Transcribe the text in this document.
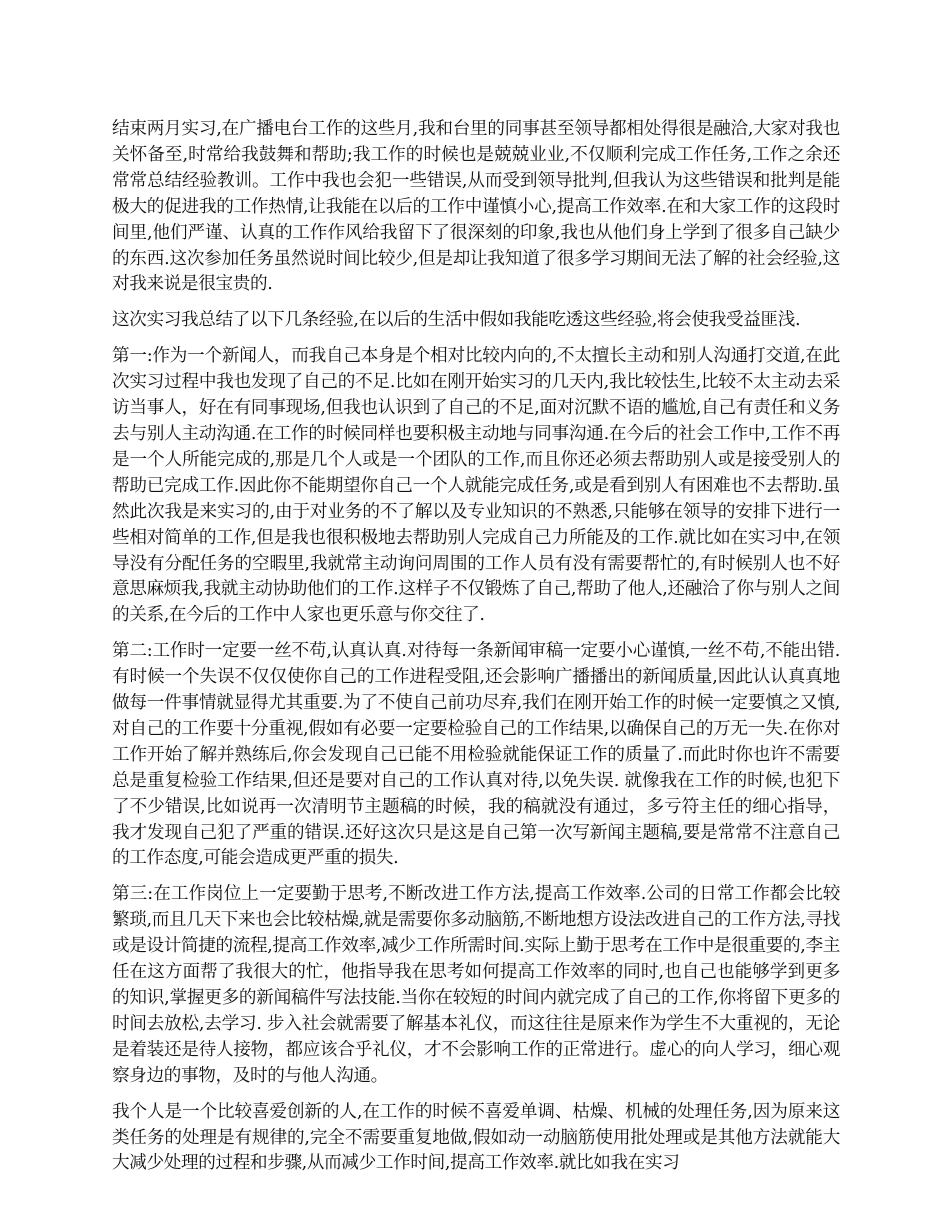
结束两月实习,在广播电台工作的这些月,我和台里的同事甚至领导都相处得很是融洽,大家对我也关怀备至,时常给我鼓舞和帮助;我工作的时候也是兢兢业业,不仅顺利完成工作任务,工作之余还常常总结经验教训。工作中我也会犯一些错误,从而受到领导批判,但我认为这些错误和批判是能极大的促进我的工作热情,让我能在以后的工作中谨慎小心,提高工作效率.在和大家工作的这段时间里,他们严谨、认真的工作作风给我留下了很深刻的印象,我也从他们身上学到了很多自己缺少的东西.这次参加任务虽然说时间比较少,但是却让我知道了很多学习期间无法了解的社会经验,这对我来说是很宝贵的.

这次实习我总结了以下几条经验,在以后的生活中假如我能吃透这些经验,将会使我受益匪浅.

第一:作为一个新闻人，而我自己本身是个相对比较内向的,不太擅长主动和别人沟通打交道,在此次实习过程中我也发现了自己的不足.比如在刚开始实习的几天内,我比较怯生,比较不太主动去采访当事人，好在有同事现场,但我也认识到了自己的不足,面对沉默不语的尴尬,自己有责任和义务去与别人主动沟通.在工作的时候同样也要积极主动地与同事沟通.在今后的社会工作中,工作不再是一个人所能完成的,那是几个人或是一个团队的工作,而且你还必须去帮助别人或是接受别人的帮助已完成工作.因此你不能期望你自己一个人就能完成任务,或是看到别人有困难也不去帮助.虽然此次我是来实习的,由于对业务的不了解以及专业知识的不熟悉,只能够在领导的安排下进行一些相对简单的工作,但是我也很积极地去帮助别人完成自己力所能及的工作.就比如在实习中,在领导没有分配任务的空暇里,我就常主动询问周围的工作人员有没有需要帮忙的,有时候别人也不好意思麻烦我,我就主动协助他们的工作.这样子不仅锻炼了自己,帮助了他人,还融洽了你与别人之间的关系,在今后的工作中人家也更乐意与你交往了.

第二:工作时一定要一丝不苟,认真认真.对待每一条新闻审稿一定要小心谨慎,一丝不苟,不能出错.有时候一个失误不仅仅使你自己的工作进程受阻,还会影响广播播出的新闻质量,因此认认真真地做每一件事情就显得尤其重要.为了不使自己前功尽弃,我们在刚开始工作的时候一定要慎之又慎,对自己的工作要十分重视,假如有必要一定要检验自己的工作结果,以确保自己的万无一失.在你对工作开始了解并熟练后,你会发现自己已能不用检验就能保证工作的质量了.而此时你也许不需要总是重复检验工作结果,但还是要对自己的工作认真对待,以免失误. 就像我在工作的时候,也犯下了不少错误,比如说再一次清明节主题稿的时候，我的稿就没有通过，多亏符主任的细心指导，我才发现自己犯了严重的错误.还好这次只是这是自己第一次写新闻主题稿,要是常常不注意自己的工作态度,可能会造成更严重的损失.

第三:在工作岗位上一定要勤于思考,不断改进工作方法,提高工作效率.公司的日常工作都会比较繁琐,而且几天下来也会比较枯燥,就是需要你多动脑筋,不断地想方设法改进自己的工作方法,寻找或是设计简捷的流程,提高工作效率,减少工作所需时间.实际上勤于思考在工作中是很重要的,李主任在这方面帮了我很大的忙，他指导我在思考如何提高工作效率的同时,也自己也能够学到更多的知识,掌握更多的新闻稿件写法技能.当你在较短的时间内就完成了自己的工作,你将留下更多的时间去放松,去学习. 步入社会就需要了解基本礼仪，而这往往是原来作为学生不大重视的，无论是着装还是待人接物，都应该合乎礼仪，才不会影响工作的正常进行。虚心的向人学习，细心观察身边的事物，及时的与他人沟通。

我个人是一个比较喜爱创新的人,在工作的时候不喜爱单调、枯燥、机械的处理任务,因为原来这类任务的处理是有规律的,完全不需要重复地做,假如动一动脑筋使用批处理或是其他方法就能大大减少处理的过程和步骤,从而减少工作时间,提高工作效率.就比如我在实习
